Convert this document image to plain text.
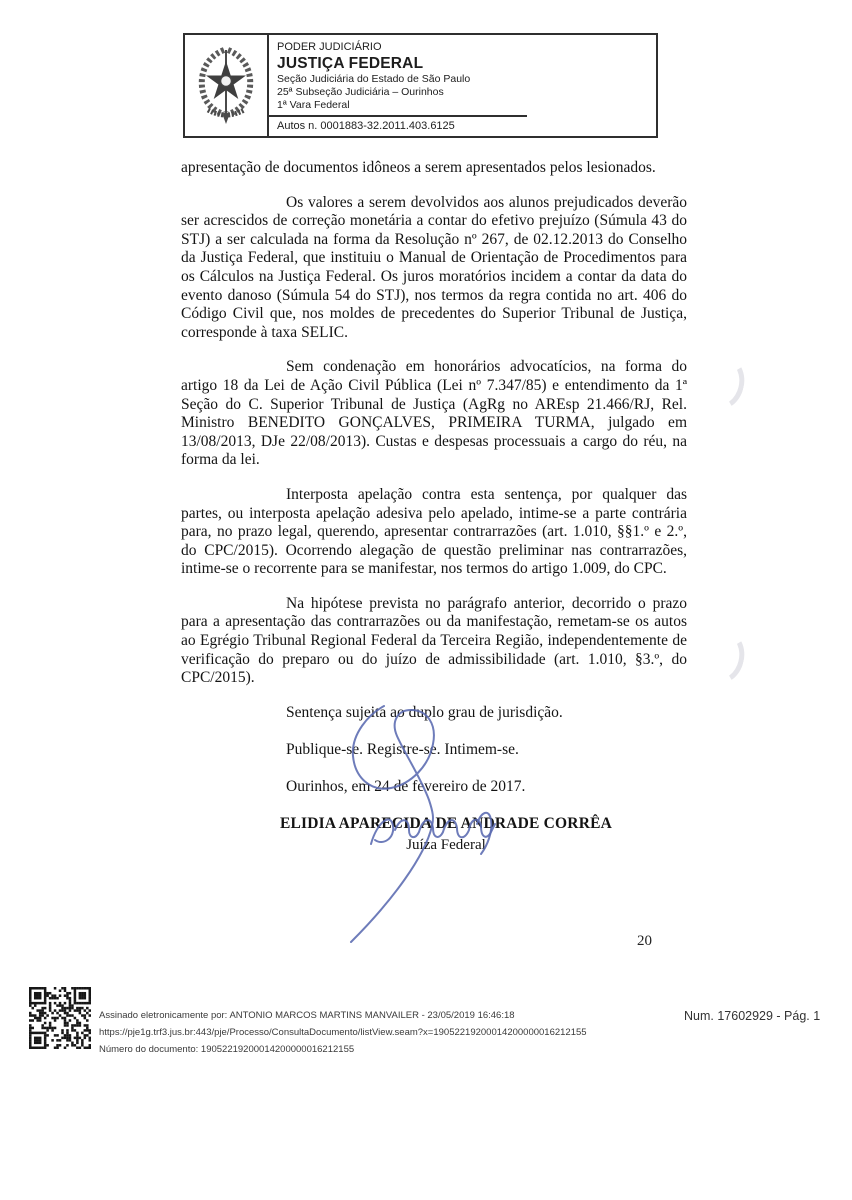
PODER JUDICIÁRIO
JUSTIÇA FEDERAL
Seção Judiciária do Estado de São Paulo
25ª Subseção Judiciária – Ourinhos
1ª Vara Federal
Autos n. 0001883-32.2011.403.6125

apresentação de documentos idôneos a serem apresentados pelos lesionados.

Os valores a serem devolvidos aos alunos prejudicados deverão ser acrescidos de correção monetária a contar do efetivo prejuízo (Súmula 43 do STJ) a ser calculada na forma da Resolução nº 267, de 02.12.2013 do Conselho da Justiça Federal, que instituiu o Manual de Orientação de Procedimentos para os Cálculos na Justiça Federal. Os juros moratórios incidem a contar da data do evento danoso (Súmula 54 do STJ), nos termos da regra contida no art. 406 do Código Civil que, nos moldes de precedentes do Superior Tribunal de Justiça, corresponde à taxa SELIC.

Sem condenação em honorários advocatícios, na forma do artigo 18 da Lei de Ação Civil Pública (Lei nº 7.347/85) e entendimento da 1ª Seção do C. Superior Tribunal de Justiça (AgRg no AREsp 21.466/RJ, Rel. Ministro BENEDITO GONÇALVES, PRIMEIRA TURMA, julgado em 13/08/2013, DJe 22/08/2013). Custas e despesas processuais a cargo do réu, na forma da lei.

Interposta apelação contra esta sentença, por qualquer das partes, ou interposta apelação adesiva pelo apelado, intime-se a parte contrária para, no prazo legal, querendo, apresentar contrarrazões (art. 1.010, §§1.º e 2.º, do CPC/2015). Ocorrendo alegação de questão preliminar nas contrarrazões, intime-se o recorrente para se manifestar, nos termos do artigo 1.009, do CPC.

Na hipótese prevista no parágrafo anterior, decorrido o prazo para a apresentação das contrarrazões ou da manifestação, remetam-se os autos ao Egrégio Tribunal Regional Federal da Terceira Região, independentemente de verificação do preparo ou do juízo de admissibilidade (art. 1.010, §3.º, do CPC/2015).

Sentença sujeita ao duplo grau de jurisdição.

Publique-se. Registre-se. Intimem-se.

Ourinhos, em 24 de fevereiro de 2017.

ELIDIA APARECIDA DE ANDRADE CORRÊA
Juíza Federal
20
Assinado eletronicamente por: ANTONIO MARCOS MARTINS MANVAILER - 23/05/2019 16:46:18
https://pje1g.trf3.jus.br:443/pje/Processo/ConsultaDocumento/listView.seam?x=19052219200014200000016212155
Número do documento: 19052219200014200000016212155
Num. 17602929 - Pág. 1
